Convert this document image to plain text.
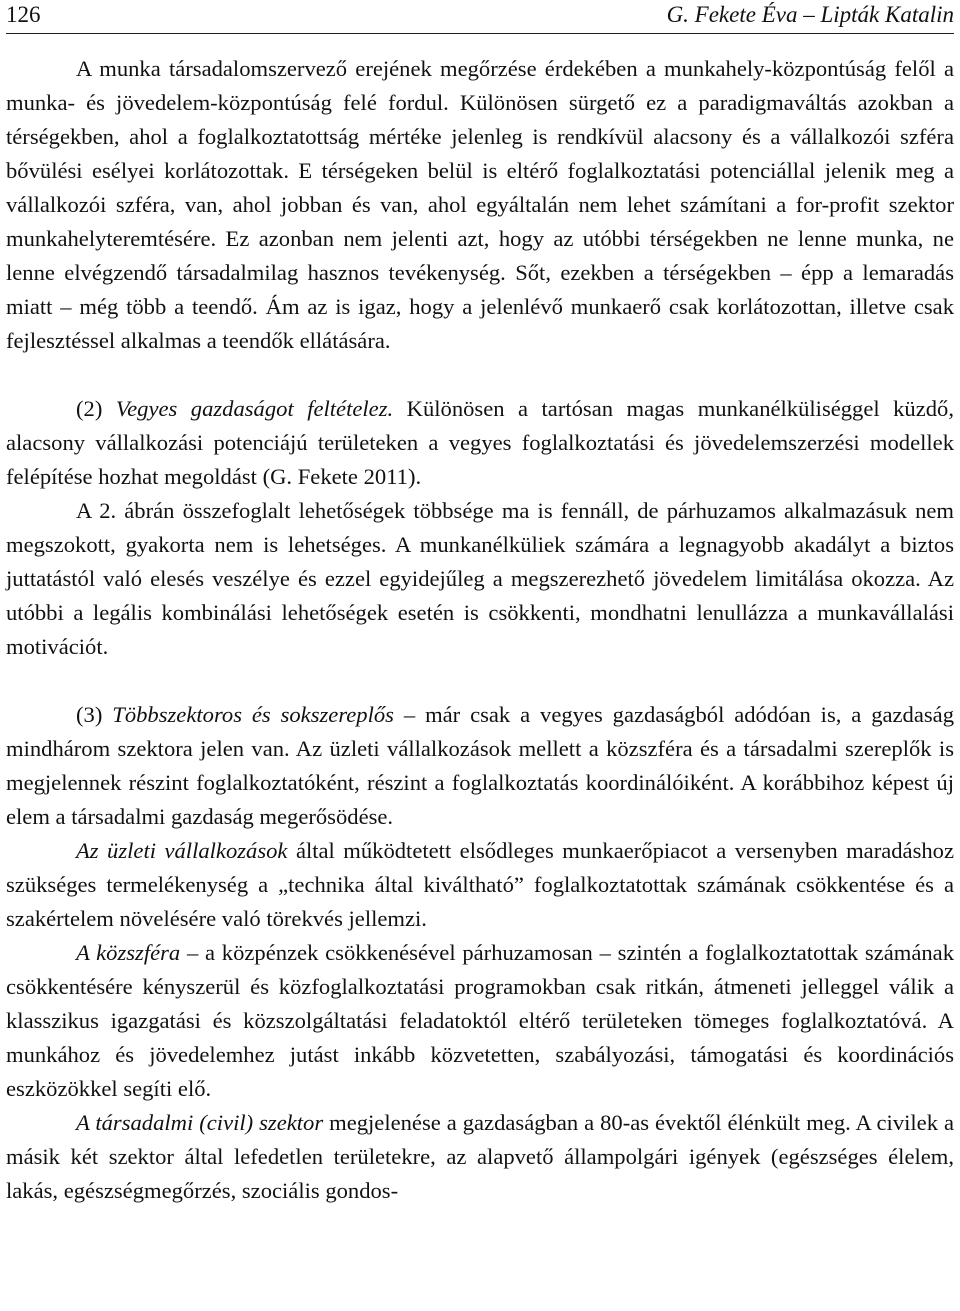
126	G. Fekete Éva – Lipták Katalin

A munka társadalomszervező erejének megőrzése érdekében a munkahely-központúság felől a munka- és jövedelem-központúság felé fordul. Különösen sürgető ez a paradigmaváltás azokban a térségekben, ahol a foglalkoztatottság mértéke jelenleg is rendkívül alacsony és a vállalkozói szféra bővülési esélyei korlátozottak. E térségeken belül is eltérő foglalkoztatási potenciállal jelenik meg a vállalkozói szféra, van, ahol jobban és van, ahol egyáltalán nem lehet számítani a for-profit szektor munkahelyteremtésére. Ez azonban nem jelenti azt, hogy az utóbbi térségekben ne lenne munka, ne lenne elvégzendő társadalmilag hasznos tevékenység. Sőt, ezekben a térségekben – épp a lemaradás miatt – még több a teendő. Ám az is igaz, hogy a jelenlévő munkaerő csak korlátozottan, illetve csak fejlesztéssel alkalmas a teendők ellátására.

(2) Vegyes gazdaságot feltételez. Különösen a tartósan magas munkanélküliséggel küzdő, alacsony vállalkozási potenciájú területeken a vegyes foglalkoztatási és jövedelemszerzési modellek felépítése hozhat megoldást (G. Fekete 2011).

A 2. ábrán összefoglalt lehetőségek többsége ma is fennáll, de párhuzamos alkalmazásuk nem megszokott, gyakorta nem is lehetséges. A munkanélküliek számára a legnagyobb akadályt a biztos juttatástól való elesés veszélye és ezzel egyidejűleg a megszerezhető jövedelem limitálása okozza. Az utóbbi a legális kombinálási lehetőségek esetén is csökkenti, mondhatni lenullázza a munkavállalási motivációt.

(3) Többszektoros és sokszereplős – már csak a vegyes gazdaságból adódóan is, a gazdaság mindhárom szektora jelen van. Az üzleti vállalkozások mellett a közszféra és a társadalmi szereplők is megjelennek részint foglalkoztatóként, részint a foglalkoztatás koordinálóiként. A korábbihoz képest új elem a társadalmi gazdaság megerősödése.

Az üzleti vállalkozások által működtetett elsődleges munkaerőpiacot a versenyben maradáshoz szükséges termelékenység a „technika által kiváltható” foglalkoztatottak számának csökkentése és a szakértelem növelésére való törekvés jellemzi.

A közszféra – a közpénzek csökkenésével párhuzamosan – szintén a foglalkoztatottak számának csökkentésére kényszerül és közfoglalkoztatási programokban csak ritkán, átmeneti jelleggel válik a klasszikus igazgatási és közszolgáltatási feladatoktól eltérő területeken tömeges foglalkoztatóvá. A munkához és jövedelemhez jutást inkább közvetetten, szabályozási, támogatási és koordinációs eszközökkel segíti elő.

A társadalmi (civil) szektor megjelenése a gazdaságban a 80-as évektől élénkült meg. A civilek a másik két szektor által lefedetlen területekre, az alapvető állampolgári igények (egészséges élelem, lakás, egészségmegőrzés, szociális gondos-
